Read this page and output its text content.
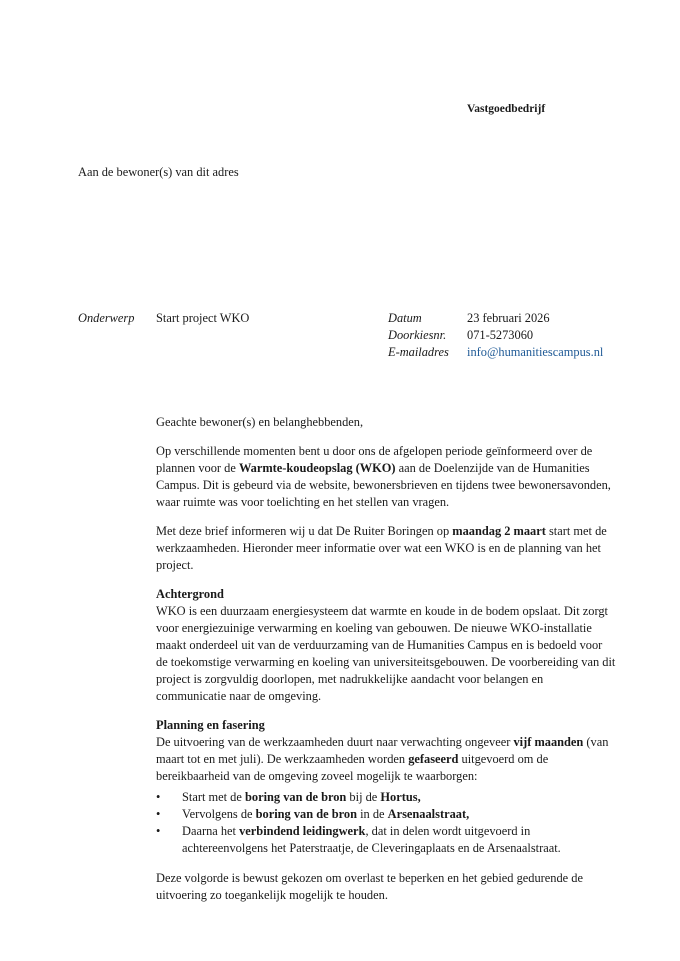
Vastgoedbedrijf
Aan de bewoner(s) van dit adres
Onderwerp Start project WKO	Datum	23 februari 2026
Doorkiesnr.	071-5273060
E-mailadres	info@humanitiescampus.nl

Geachte bewoner(s) en belanghebbenden,

Op verschillende momenten bent u door ons de afgelopen periode geïnformeerd over de plannen voor de Warmte-koudeopslag (WKO) aan de Doelenzijde van de Humanities Campus. Dit is gebeurd via de website, bewonersbrieven en tijdens twee bewonersavonden, waar ruimte was voor toelichting en het stellen van vragen.

Met deze brief informeren wij u dat De Ruiter Boringen op maandag 2 maart start met de werkzaamheden. Hieronder meer informatie over wat een WKO is en de planning van het project.

Achtergrond

WKO is een duurzaam energiesysteem dat warmte en koude in de bodem opslaat. Dit zorgt voor energiezuinige verwarming en koeling van gebouwen. De nieuwe WKO-installatie maakt onderdeel uit van de verduurzaming van de Humanities Campus en is bedoeld voor de toekomstige verwarming en koeling van universiteitsgebouwen. De voorbereiding van dit project is zorgvuldig doorlopen, met nadrukkelijke aandacht voor belangen en communicatie naar de omgeving.

Planning en fasering

De uitvoering van de werkzaamheden duurt naar verwachting ongeveer vijf maanden (van maart tot en met juli). De werkzaamheden worden gefaseerd uitgevoerd om de bereikbaarheid van de omgeving zoveel mogelijk te waarborgen:

• Start met de boring van de bron bij de Hortus,
• Vervolgens de boring van de bron in de Arsenaalstraat,
• Daarna het verbindend leidingwerk, dat in delen wordt uitgevoerd in achtereenvolgens het Paterstraatje, de Cleveringaplaats en de Arsenaalstraat.

Deze volgorde is bewust gekozen om overlast te beperken en het gebied gedurende de uitvoering zo toegankelijk mogelijk te houden.
